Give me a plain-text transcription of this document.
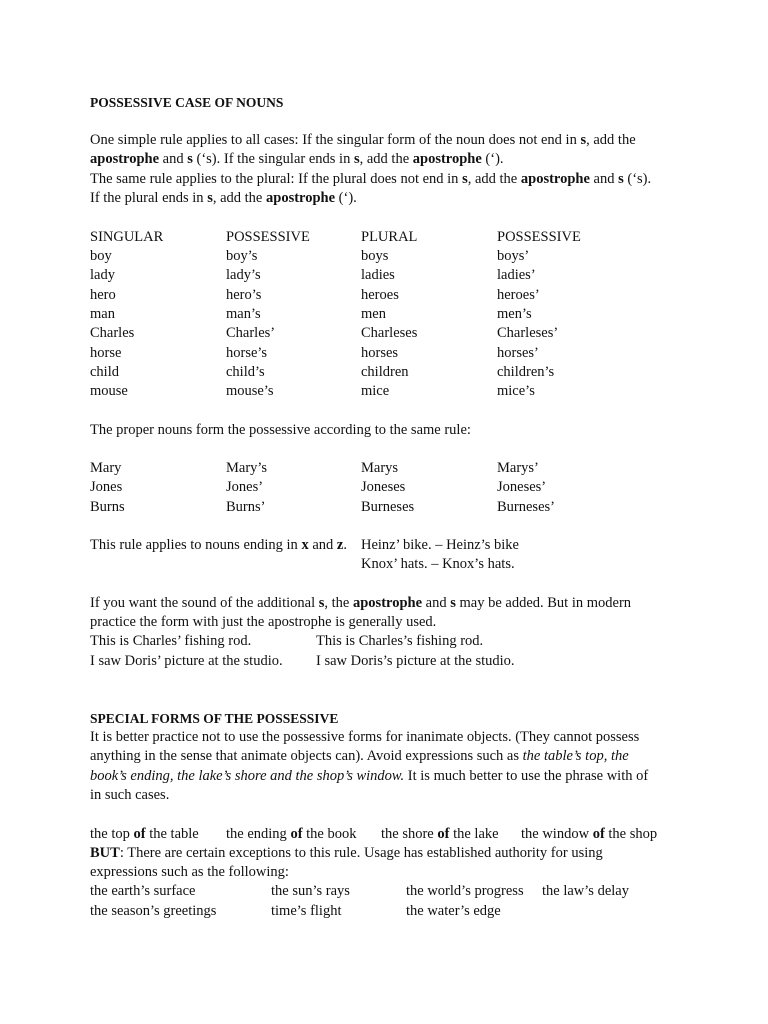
POSSESSIVE CASE OF NOUNS
One simple rule applies to all cases: If the singular form of the noun does not end in s, add the
apostrophe and s (‘s). If the singular ends in s, add the apostrophe (‘).
The same rule applies to the plural: If the plural does not end in s, add the apostrophe and s (‘s).
If the plural ends in s, add the apostrophe (‘).
SINGULAR	POSSESSIVE	PLURAL	POSSESSIVE
boy	boy’s	boys	boys’
lady	lady’s	ladies	ladies’
hero	hero’s	heroes	heroes’
man	man’s	men	men’s
Charles	Charles’	Charleses	Charleses’
horse	horse’s	horses	horses’
child	child’s	children	children’s
mouse	mouse’s	mice	mice’s
The proper nouns form the possessive according to the same rule:
Mary	Mary’s	Marys	Marys’
Jones	Jones’	Joneses	Joneses’
Burns	Burns’	Burneses	Burneses’
This rule applies to nouns ending in x and z. Heinz’ bike. – Heinz’s bike
Knox’ hats. – Knox’s hats.
If you want the sound of the additional s, the apostrophe and s may be added. But in modern
practice the form with just the apostrophe is generally used.
This is Charles’ fishing rod.	This is Charles’s fishing rod.
I saw Doris’ picture at the studio. I saw Doris’s picture at the studio.
SPECIAL FORMS OF THE POSSESSIVE
It is better practice not to use the possessive forms for inanimate objects. (They cannot possess
anything in the sense that animate objects can). Avoid expressions such as the table’s top, the
book’s ending, the lake’s shore and the shop’s window. It is much better to use the phrase with of
in such cases.
the top of the table the ending of the book the shore of the lake the window of the shop
BUT: There are certain exceptions to this rule. Usage has established authority for using
expressions such as the following:
the earth’s surface	the sun’s rays	the world’s progress the law’s delay
the season’s greetings	time’s flight	the water’s edge
